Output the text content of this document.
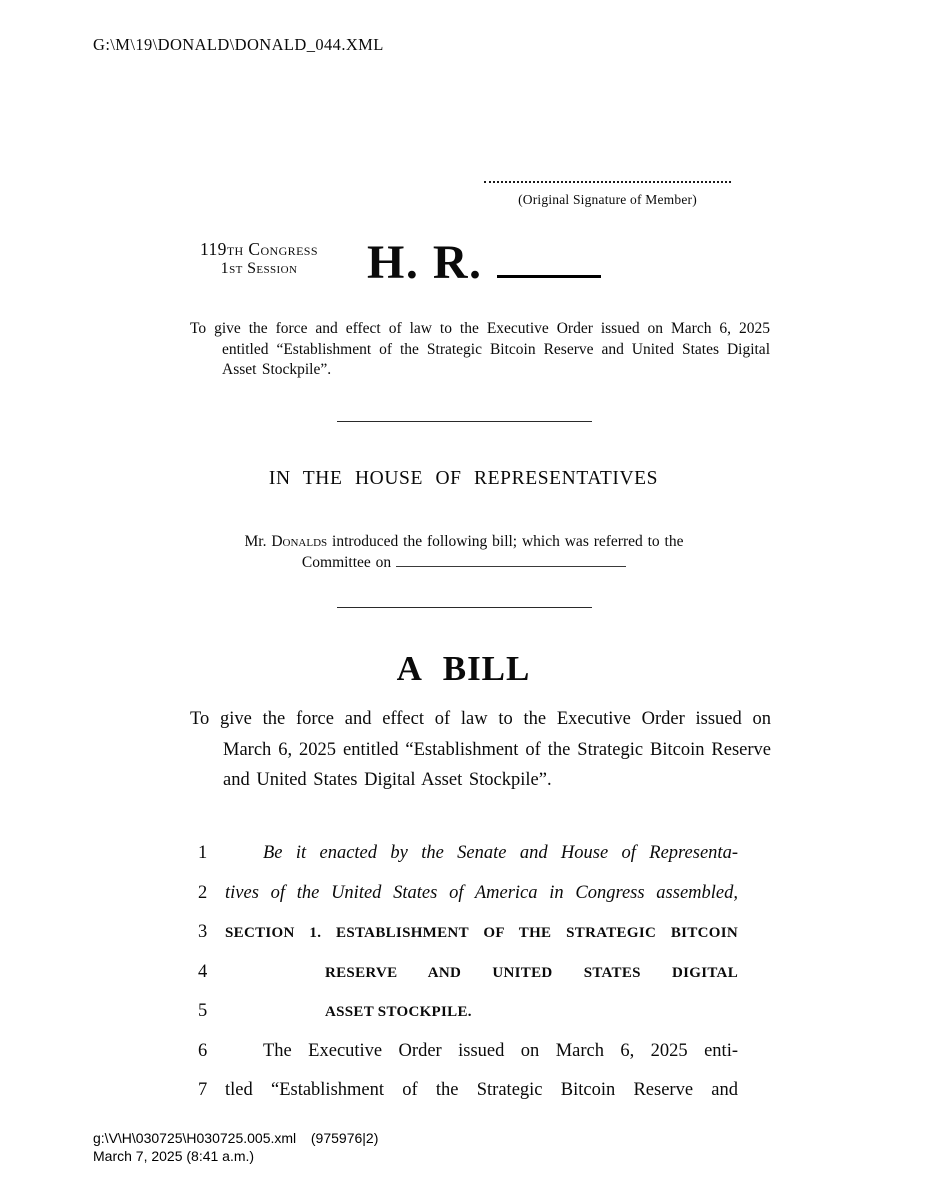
G:\M\19\DONALD\DONALD_044.XML
(Original Signature of Member)
119th Congress
1st Session	H. R.
To give the force and effect of law to the Executive Order issued on March 6, 2025 entitled “Establishment of the Strategic Bitcoin Reserve and United States Digital Asset Stockpile”.
IN THE HOUSE OF REPRESENTATIVES
Mr. Donalds introduced the following bill; which was referred to the Committee on
A BILL
To give the force and effect of law to the Executive Order issued on March 6, 2025 entitled “Establishment of the Strategic Bitcoin Reserve and United States Digital Asset Stockpile”.
1	Be it enacted by the Senate and House of Representa-
2 tives of the United States of America in Congress assembled,
3 SECTION 1. ESTABLISHMENT OF THE STRATEGIC BITCOIN
4	RESERVE AND UNITED STATES DIGITAL
5	ASSET STOCKPILE.
6	The Executive Order issued on March 6, 2025 enti-
7 tled “Establishment of the Strategic Bitcoin Reserve and
g:\V\H\030725\H030725.005.xml (975976|2)
March 7, 2025 (8:41 a.m.)
